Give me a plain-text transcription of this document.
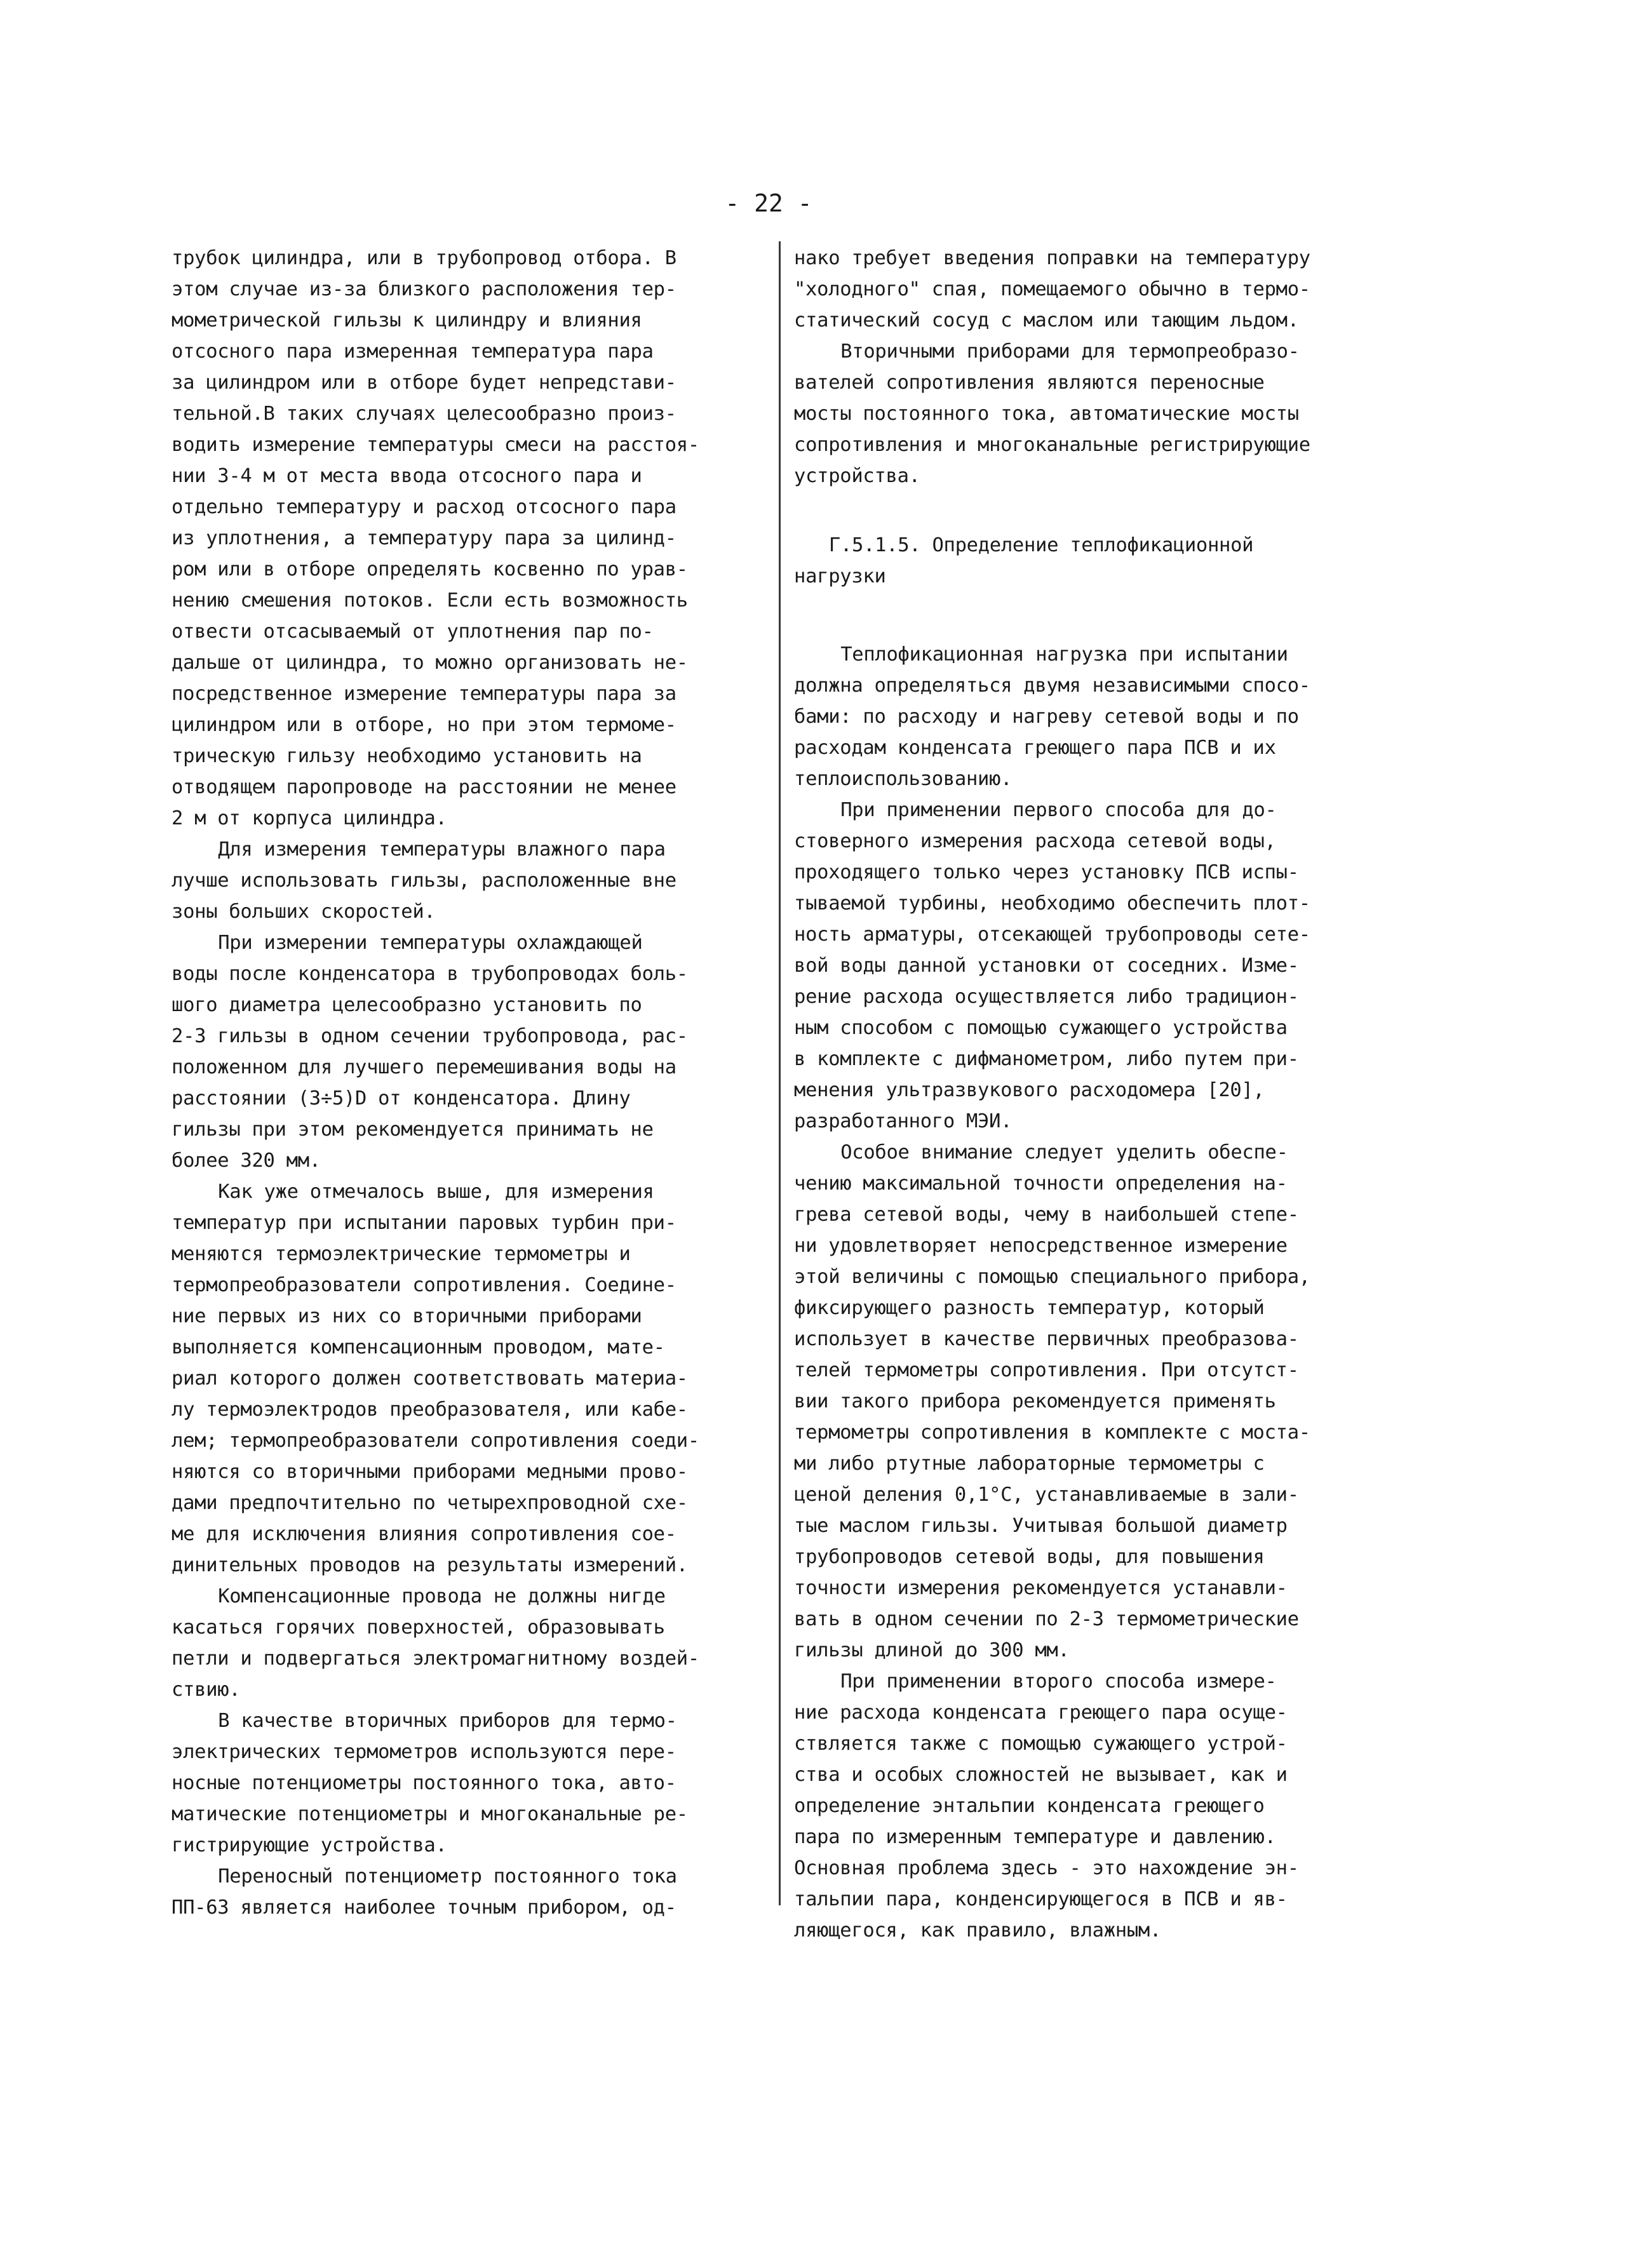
- 22 -

трубок цилиндра, или в трубопровод отбора. В
этом случае из-за близкого расположения тер-
мометрической гильзы к цилиндру и влияния
отсосного пара измеренная температура пара
за цилиндром или в отборе будет непредстави-
тельной.В таких случаях целесообразно произ-
водить измерение температуры смеси на расстоя-
нии 3-4 м от места ввода отсосного пара и
отдельно температуру и расход отсосного пара
из уплотнения, а температуру пара за цилинд-
ром или в отборе определять косвенно по урав-
нению смешения потоков. Если есть возможность
отвести отсасываемый от уплотнения пар по-
дальше от цилиндра, то можно организовать не-
посредственное измерение температуры пара за
цилиндром или в отборе, но при этом термоме-
трическую гильзу необходимо установить на
отводящем паропроводе на расстоянии не менее
2 м от корпуса цилиндра.

Для измерения температуры влажного пара
лучше использовать гильзы, расположенные вне
зоны больших скоростей.

При измерении температуры охлаждающей
воды после конденсатора в трубопроводах боль-
шого диаметра целесообразно установить по
2-3 гильзы в одном сечении трубопровода, рас-
положенном для лучшего перемешивания воды на
расстоянии (3÷5)D от конденсатора. Длину
гильзы при этом рекомендуется принимать не
более 320 мм.

Как уже отмечалось выше, для измерения
температур при испытании паровых турбин при-
меняются термоэлектрические термометры и
термопреобразователи сопротивления. Соедине-
ние первых из них со вторичными приборами
выполняется компенсационным проводом, мате-
риал которого должен соответствовать материа-
лу термоэлектродов преобразователя, или кабе-
лем; термопреобразователи сопротивления соеди-
няются со вторичными приборами медными прово-
дами предпочтительно по четырехпроводной схе-
ме для исключения влияния сопротивления сое-
динительных проводов на результаты измерений.

Компенсационные провода не должны нигде
касаться горячих поверхностей, образовывать
петли и подвергаться электромагнитному воздей-
ствию.

В качестве вторичных приборов для термо-
электрических термометров используются пере-
носные потенциометры постоянного тока, авто-
матические потенциометры и многоканальные ре-
гистрирующие устройства.

Переносный потенциометр постоянного тока
ПП-63 является наиболее точным прибором, од-

нако требует введения поправки на температуру
"холодного" спая, помещаемого обычно в термо-
статический сосуд с маслом или тающим льдом.

Вторичными приборами для термопреобразо-
вателей сопротивления являются переносные
мосты постоянного тока, автоматические мосты
сопротивления и многоканальные регистрирующие
устройства.

Г.5.1.5. Определение теплофикационной
нагрузки

Теплофикационная нагрузка при испытании
должна определяться двумя независимыми спосо-
бами: по расходу и нагреву сетевой воды и по
расходам конденсата греющего пара ПСВ и их
теплоиспользованию.

При применении первого способа для до-
стоверного измерения расхода сетевой воды,
проходящего только через установку ПСВ испы-
тываемой турбины, необходимо обеспечить плот-
ность арматуры, отсекающей трубопроводы сете-
вой воды данной установки от соседних. Изме-
рение расхода осуществляется либо традицион-
ным способом с помощью сужающего устройства
в комплекте с дифманометром, либо путем при-
менения ультразвукового расходомера [20],
разработанного МЭИ.

Особое внимание следует уделить обеспе-
чению максимальной точности определения на-
грева сетевой воды, чему в наибольшей степе-
ни удовлетворяет непосредственное измерение
этой величины с помощью специального прибора,
фиксирующего разность температур, который
использует в качестве первичных преобразова-
телей термометры сопротивления. При отсутст-
вии такого прибора рекомендуется применять
термометры сопротивления в комплекте с моста-
ми либо ртутные лабораторные термометры с
ценой деления 0,1°С, устанавливаемые в зали-
тые маслом гильзы. Учитывая большой диаметр
трубопроводов сетевой воды, для повышения
точности измерения рекомендуется устанавли-
вать в одном сечении по 2-3 термометрические
гильзы длиной до 300 мм.

При применении второго способа измере-
ние расхода конденсата греющего пара осуще-
ствляется также с помощью сужающего устрой-
ства и особых сложностей не вызывает, как и
определение энтальпии конденсата греющего
пара по измеренным температуре и давлению.
Основная проблема здесь - это нахождение эн-
тальпии пара, конденсирующегося в ПСВ и яв-
ляющегося, как правило, влажным.
